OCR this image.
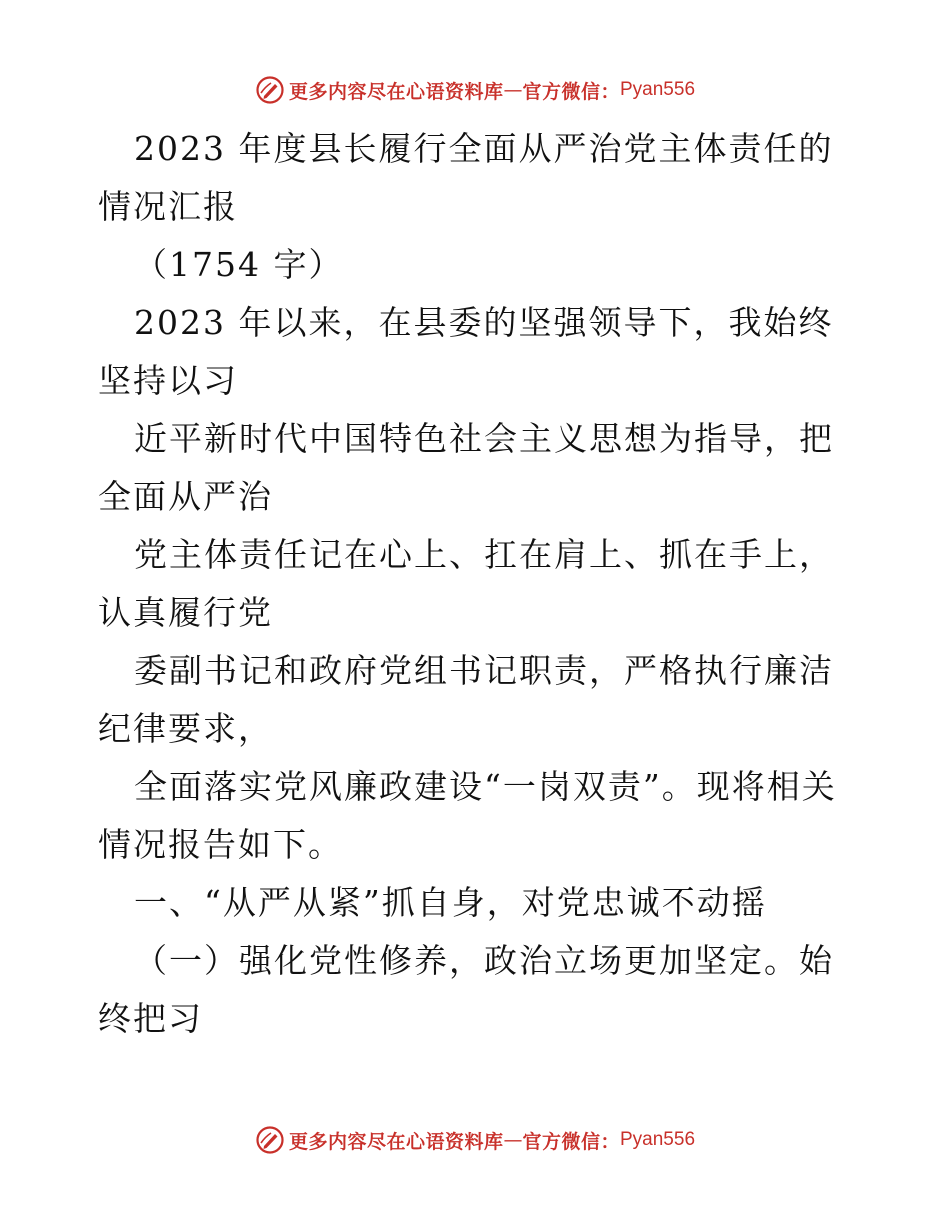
更多内容尽在心语资料库 — 官方微信： Pyan556

2023 年度县长履行全面从严治党主体责任的情况汇报

（1754 字）

2023 年以来，在县委的坚强领导下，我始终坚持以习

近平新时代中国特色社会主义思想为指导，把全面从严治

党主体责任记在心上、扛在肩上、抓在手上，认真履行党

委副书记和政府党组书记职责，严格执行廉洁纪律要求，

全面落实党风廉政建设“一岗双责”。现将相关情况报告如下。

一、“从严从紧”抓自身，对党忠诚不动摇

（一）强化党性修养，政治立场更加坚定。始终把习

更多内容尽在心语资料库 — 官方微信： Pyan556
